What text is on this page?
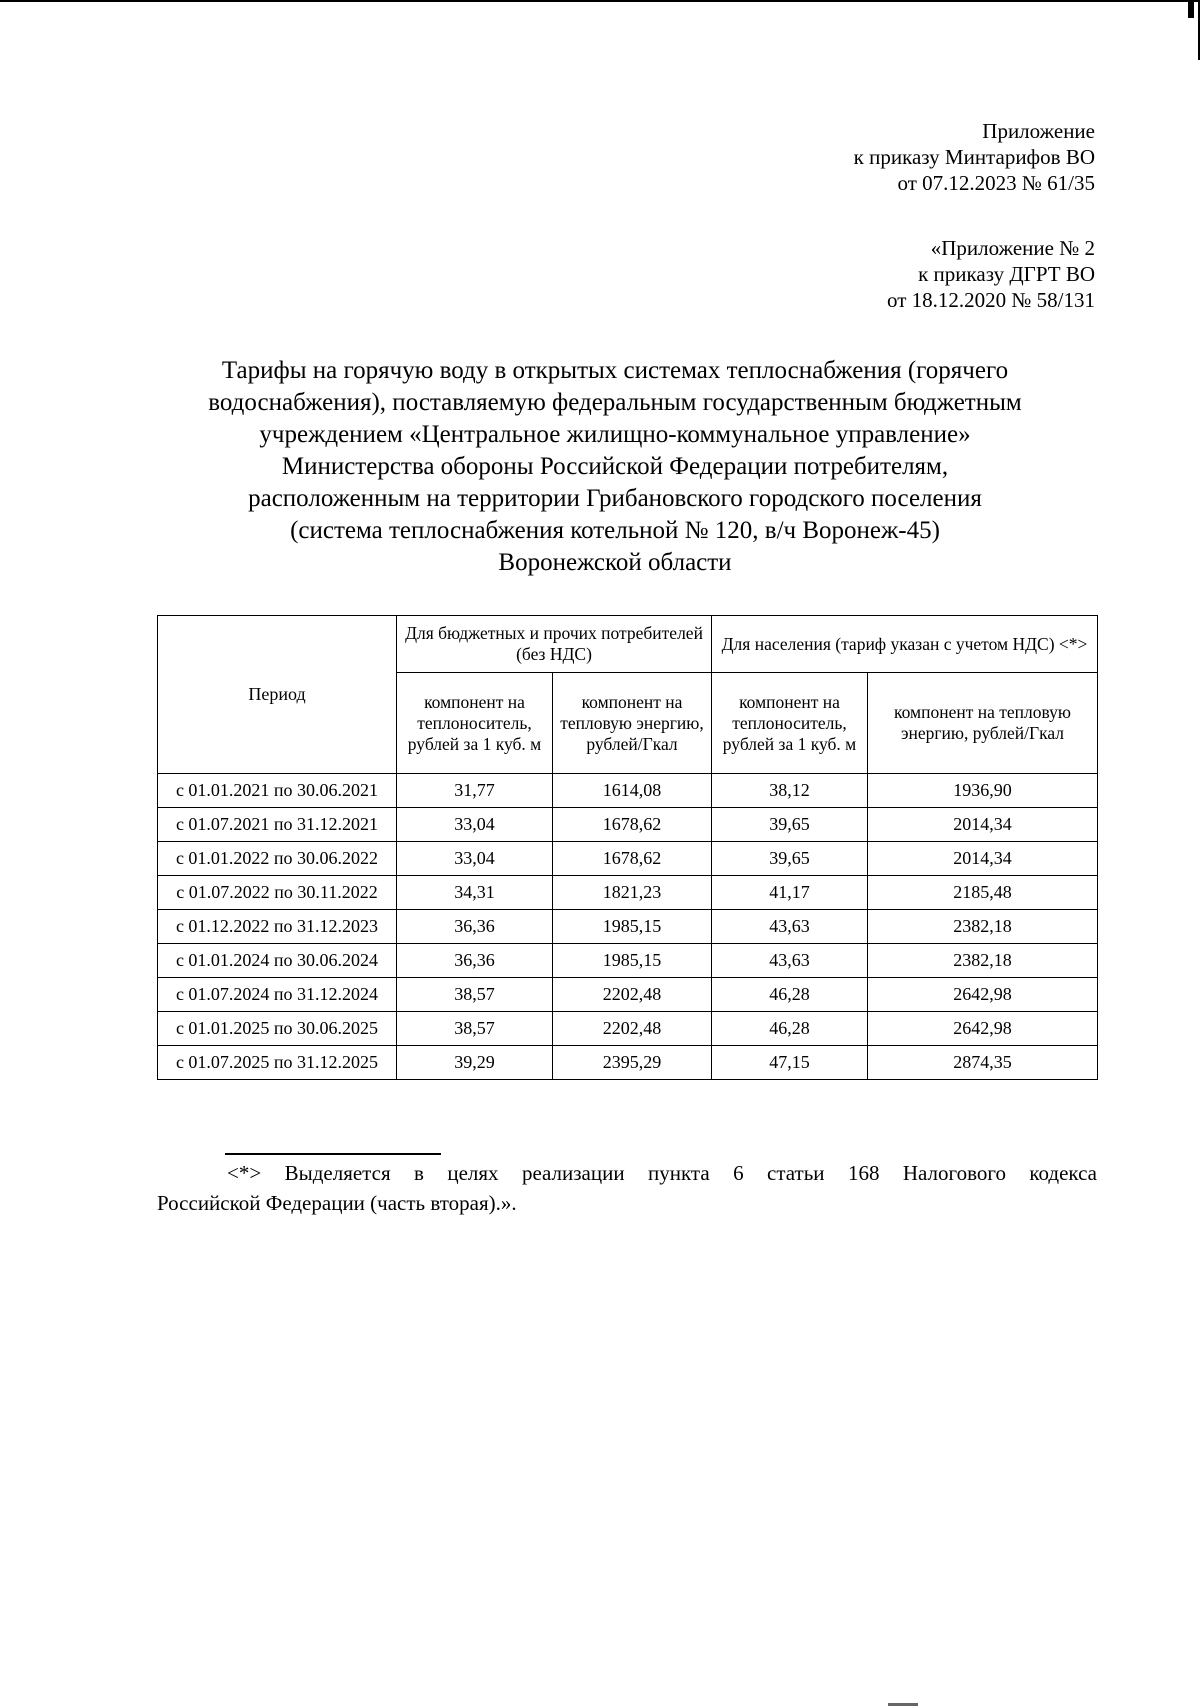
Приложение
к приказу Минтарифов ВО
от 07.12.2023 № 61/35
«Приложение № 2
к приказу ДГРТ ВО
от 18.12.2020 № 58/131
Тарифы на горячую воду в открытых системах теплоснабжения (горячего
водоснабжения), поставляемую федеральным государственным бюджетным
учреждением «Центральное жилищно-коммунальное управление»
Министерства обороны Российской Федерации потребителям,
расположенным на территории Грибановского городского поселения
(система теплоснабжения котельной № 120, в/ч Воронеж-45)
Воронежской области
Период	Для бюджетных и прочих потребителей (без НДС)		Для населения (тариф указан с учетом НДС) <*>	
	компонент на теплоноситель, рублей за 1 куб. м	компонент на тепловую энергию, рублей/Гкал	компонент на теплоноситель, рублей за 1 куб. м	компонент на тепловую энергию, рублей/Гкал
с 01.01.2021 по 30.06.2021	31,77	1614,08	38,12	1936,90
с 01.07.2021 по 31.12.2021	33,04	1678,62	39,65	2014,34
с 01.01.2022 по 30.06.2022	33,04	1678,62	39,65	2014,34
с 01.07.2022 по 30.11.2022	34,31	1821,23	41,17	2185,48
с 01.12.2022 по 31.12.2023	36,36	1985,15	43,63	2382,18
с 01.01.2024 по 30.06.2024	36,36	1985,15	43,63	2382,18
с 01.07.2024 по 31.12.2024	38,57	2202,48	46,28	2642,98
с 01.01.2025 по 30.06.2025	38,57	2202,48	46,28	2642,98
с 01.07.2025 по 31.12.2025	39,29	2395,29	47,15	2874,35
<*> Выделяется в целях реализации пункта 6 статьи 168 Налогового кодекса
Российской Федерации (часть вторая).».
